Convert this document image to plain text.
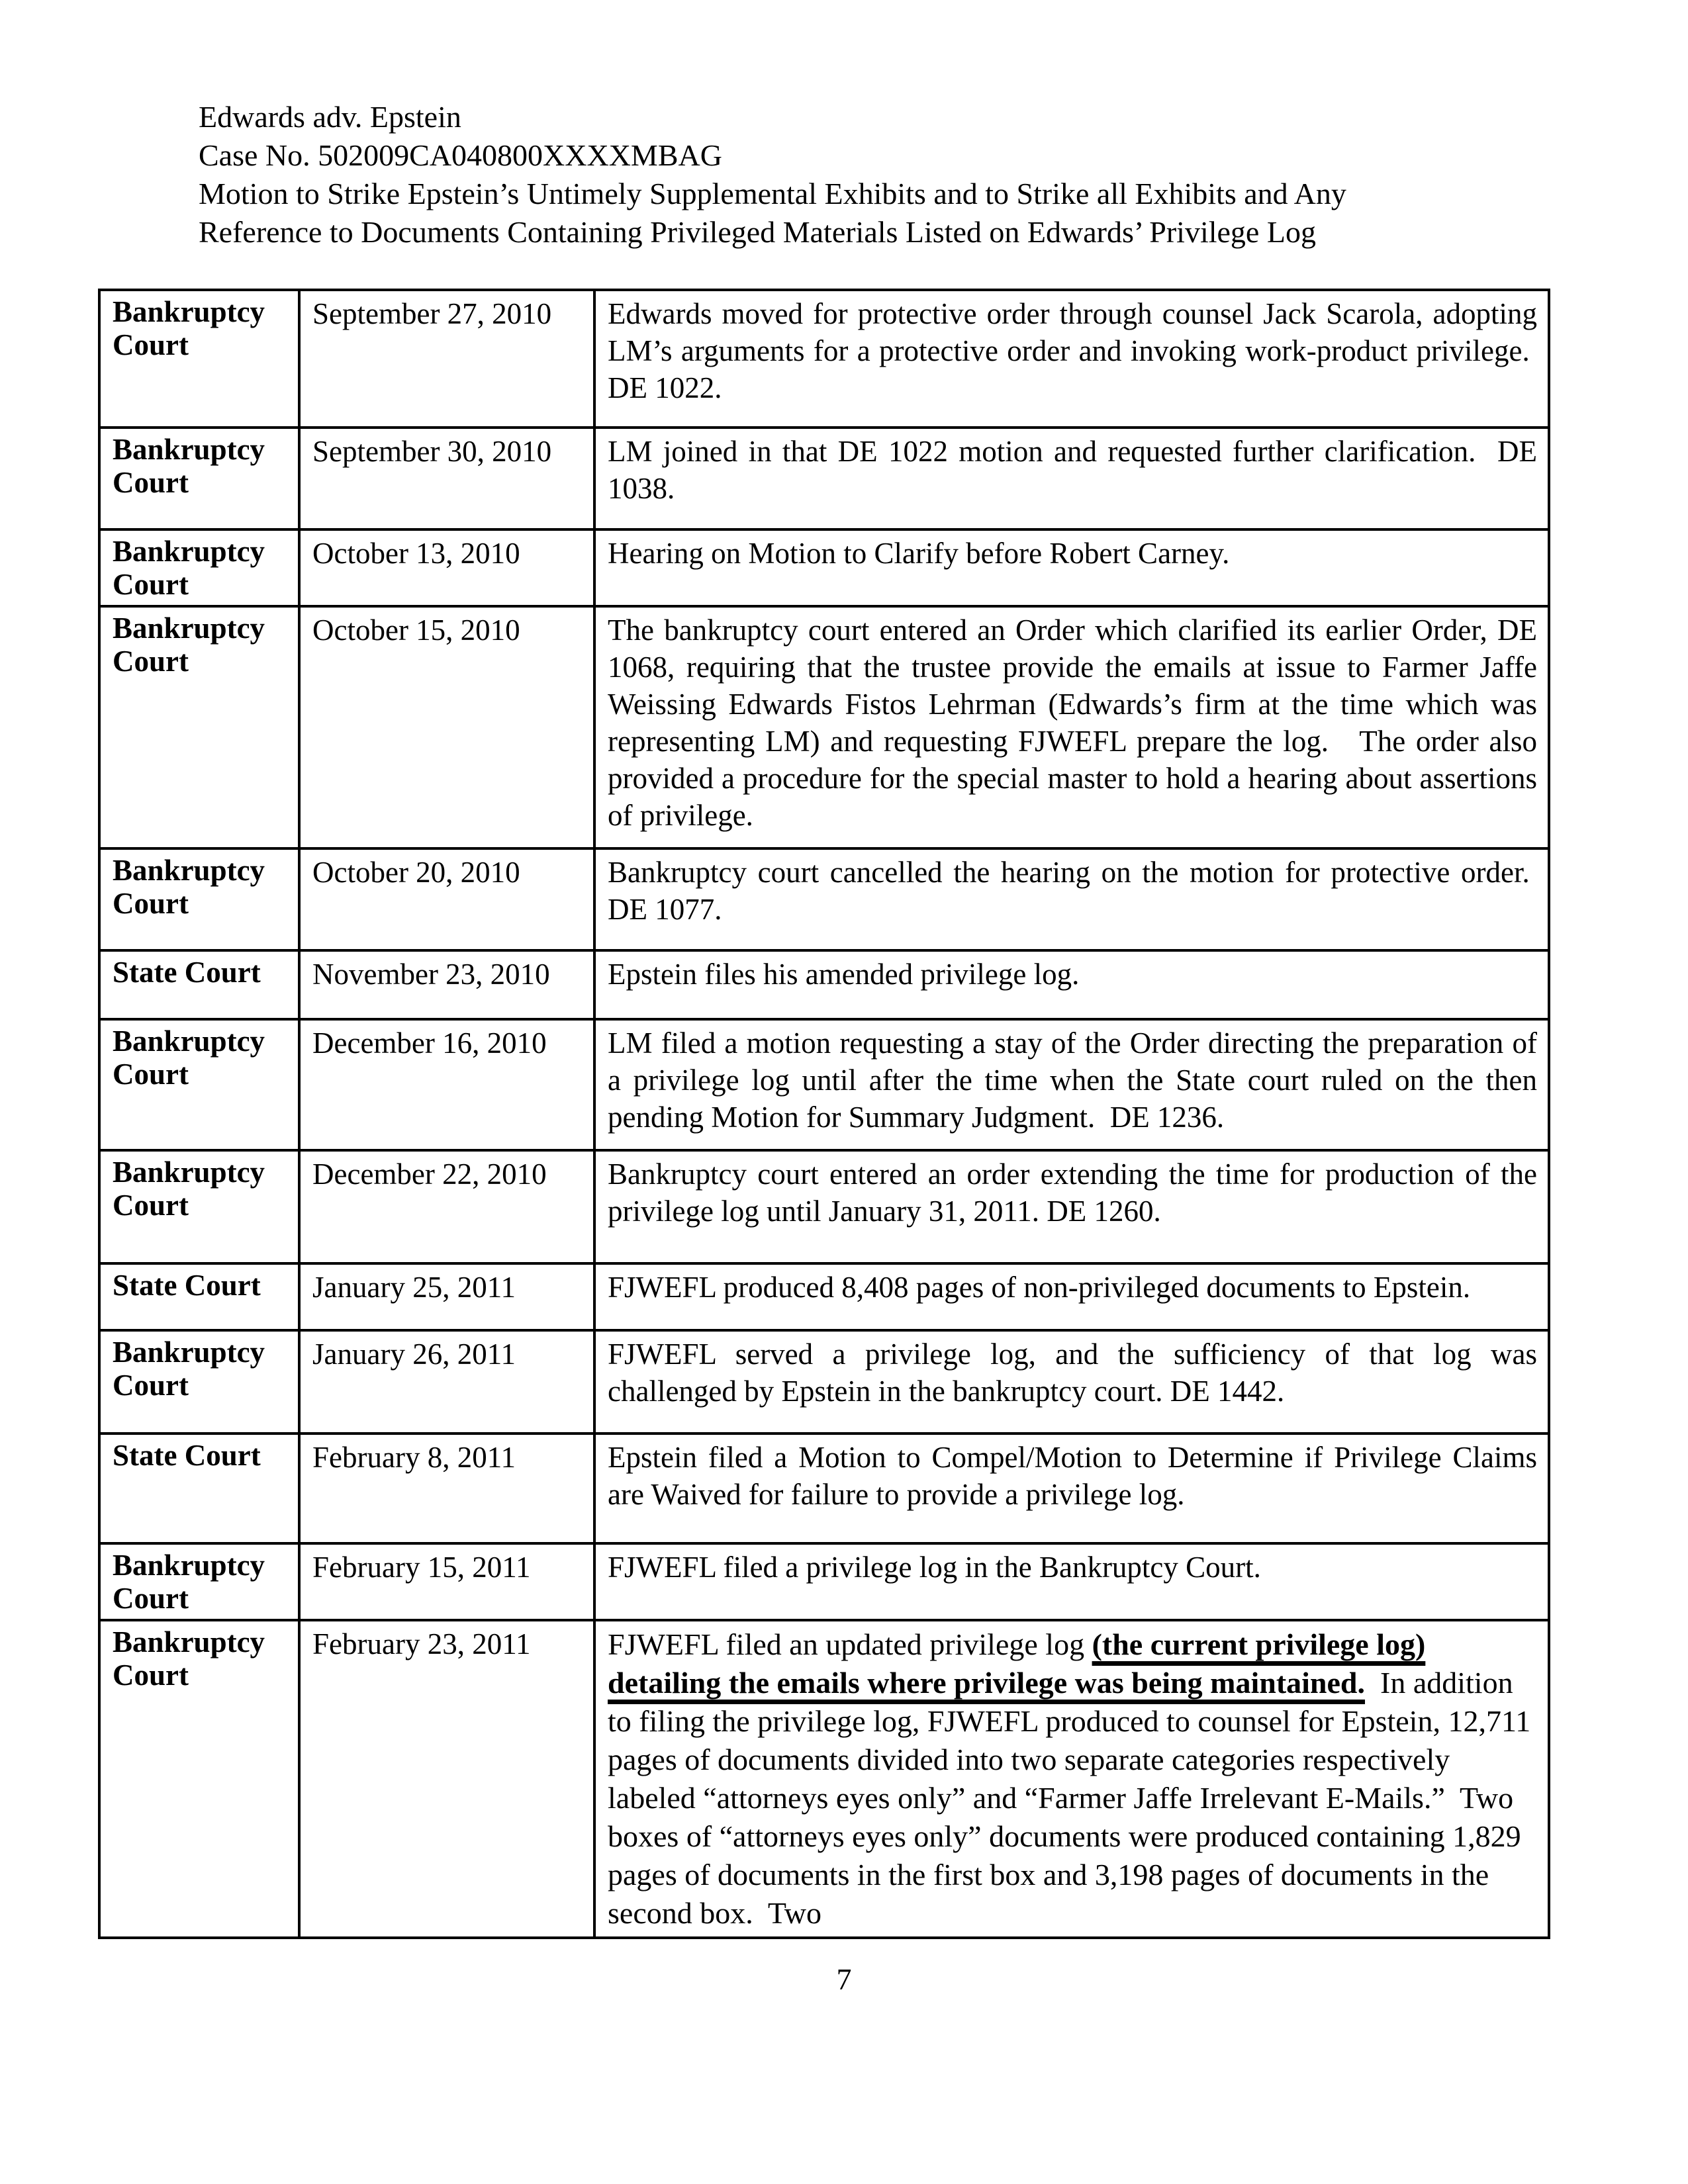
Edwards adv. Epstein
Case No. 502009CA040800XXXXMBAG
Motion to Strike Epstein’s Untimely Supplemental Exhibits and to Strike all Exhibits and Any
Reference to Documents Containing Privileged Materials Listed on Edwards’ Privilege Log
Bankruptcy Court	September 27, 2010	Edwards moved for protective order through counsel Jack Scarola, adopting LM’s arguments for a protective order and invoking work-product privilege.  DE 1022.
Bankruptcy Court	September 30, 2010	LM joined in that DE 1022 motion and requested further clarification.  DE 1038.
Bankruptcy Court	October 13, 2010	Hearing on Motion to Clarify before Robert Carney.
Bankruptcy Court	October 15, 2010	The bankruptcy court entered an Order which clarified its earlier Order, DE 1068, requiring that the trustee provide the emails at issue to Farmer Jaffe Weissing Edwards Fistos Lehrman (Edwards’s firm at the time which was representing LM) and requesting FJWEFL prepare the log.   The order also provided a procedure for the special master to hold a hearing about assertions of privilege.
Bankruptcy Court	October 20, 2010	Bankruptcy court cancelled the hearing on the motion for protective order.  DE 1077.
State Court	November 23, 2010	Epstein files his amended privilege log.
Bankruptcy Court	December 16, 2010	LM filed a motion requesting a stay of the Order directing the preparation of a privilege log until after the time when the State court ruled on the then pending Motion for Summary Judgment.  DE 1236.
Bankruptcy Court	December 22, 2010	Bankruptcy court entered an order extending the time for production of the privilege log until January 31, 2011. DE 1260.
State Court	January 25, 2011	FJWEFL produced 8,408 pages of non-privileged documents to Epstein.
Bankruptcy Court	January 26, 2011	FJWEFL served a privilege log, and the sufficiency of that log was challenged by Epstein in the bankruptcy court. DE 1442.
State Court	February 8, 2011	Epstein filed a Motion to Compel/Motion to Determine if Privilege Claims are Waived for failure to provide a privilege log.
Bankruptcy Court	February 15, 2011	FJWEFL filed a privilege log in the Bankruptcy Court.
Bankruptcy Court	February 23, 2011	FJWEFL filed an updated privilege log (the current privilege log) detailing the emails where privilege was being maintained.  In addition to filing the privilege log, FJWEFL produced to counsel for Epstein, 12,711 pages of documents divided into two separate categories respectively labeled “attorneys eyes only” and “Farmer Jaffe Irrelevant E-Mails.”  Two boxes of “attorneys eyes only” documents were produced containing 1,829 pages of documents in the first box and 3,198 pages of documents in the second box.  Two
7
